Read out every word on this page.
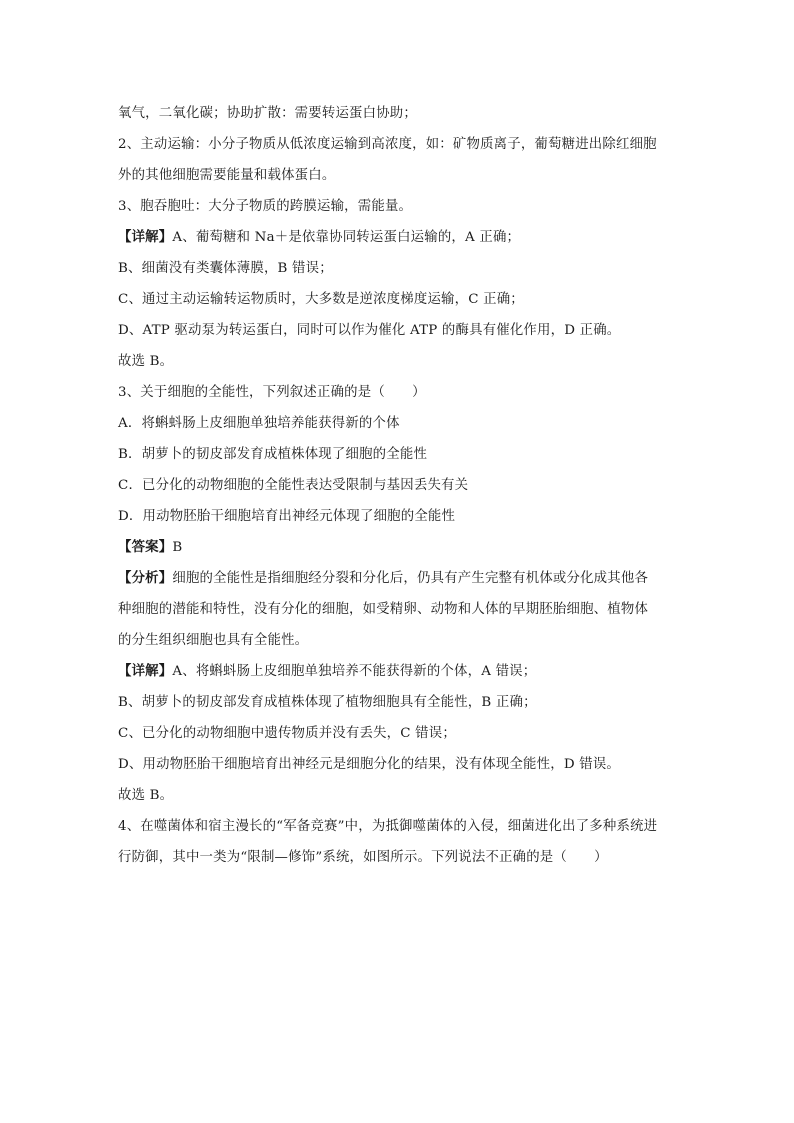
氧气，二氧化碳；协助扩散：需要转运蛋白协助；
2、主动运输：小分子物质从低浓度运输到高浓度，如：矿物质离子，葡萄糖进出除红细胞
外的其他细胞需要能量和载体蛋白。
3、胞吞胞吐：大分子物质的跨膜运输，需能量。
【详解】A、葡萄糖和 Na＋是依靠协同转运蛋白运输的，A 正确；
B、细菌没有类囊体薄膜，B 错误；
C、通过主动运输转运物质时，大多数是逆浓度梯度运输，C 正确；
D、ATP 驱动泵为转运蛋白，同时可以作为催化 ATP 的酶具有催化作用，D 正确。
故选 B。
3、关于细胞的全能性，下列叙述正确的是（　　）
A．将蝌蚪肠上皮细胞单独培养能获得新的个体
B．胡萝卜的韧皮部发育成植株体现了细胞的全能性
C．已分化的动物细胞的全能性表达受限制与基因丢失有关
D．用动物胚胎干细胞培育出神经元体现了细胞的全能性
【答案】B
【分析】细胞的全能性是指细胞经分裂和分化后，仍具有产生完整有机体或分化成其他各
种细胞的潜能和特性，没有分化的细胞，如受精卵、动物和人体的早期胚胎细胞、植物体
的分生组织细胞也具有全能性。
【详解】A、将蝌蚪肠上皮细胞单独培养不能获得新的个体，A 错误；
B、胡萝卜的韧皮部发育成植株体现了植物细胞具有全能性，B 正确；
C、已分化的动物细胞中遗传物质并没有丢失，C 错误；
D、用动物胚胎干细胞培育出神经元是细胞分化的结果，没有体现全能性，D 错误。
故选 B。
4、在噬菌体和宿主漫长的“军备竞赛”中，为抵御噬菌体的入侵，细菌进化出了多种系统进
行防御，其中一类为“限制—修饰”系统，如图所示。下列说法不正确的是（　　）
